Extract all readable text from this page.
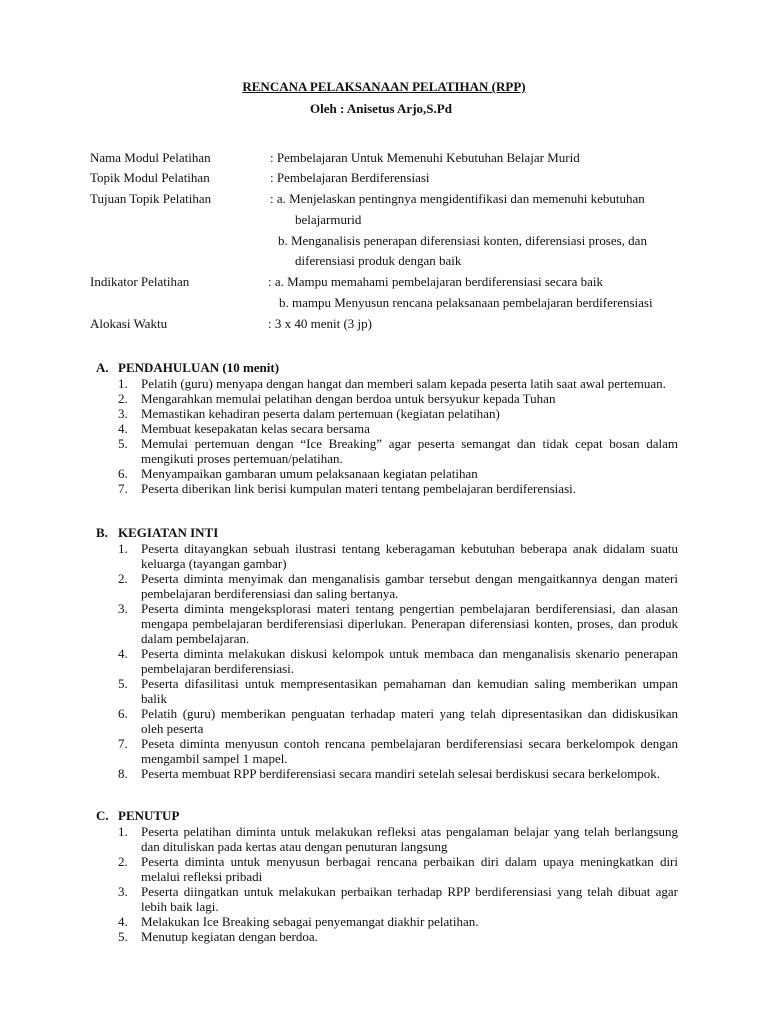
RENCANA PELAKSANAAN PELATIHAN (RPP)
Oleh : Anisetus Arjo,S.Pd
Nama Modul Pelatihan	: Pembelajaran Untuk Memenuhi Kebutuhan Belajar Murid
Topik Modul Pelatihan	: Pembelajaran Berdiferensiasi
Tujuan Topik Pelatihan	: a. Menjelaskan pentingnya mengidentifikasi dan memenuhi kebutuhan
belajarmurid
b. Menganalisis penerapan diferensiasi konten, diferensiasi proses, dan
diferensiasi produk dengan baik
Indikator Pelatihan	: a. Mampu memahami pembelajaran berdiferensiasi secara baik
b. mampu Menyusun rencana pelaksanaan pembelajaran berdiferensiasi
Alokasi Waktu	: 3 x 40 menit (3 jp)
A. PENDAHULUAN (10 menit)
1. Pelatih (guru) menyapa dengan hangat dan memberi salam kepada peserta latih saat awal pertemuan.
2. Mengarahkan memulai pelatihan dengan berdoa untuk bersyukur kepada Tuhan
3. Memastikan kehadiran peserta dalam pertemuan (kegiatan pelatihan)
4. Membuat kesepakatan kelas secara bersama
5. Memulai pertemuan dengan “Ice Breaking” agar peserta semangat dan tidak cepat bosan dalam mengikuti proses pertemuan/pelatihan.
6. Menyampaikan gambaran umum pelaksanaan kegiatan pelatihan
7. Peserta diberikan link berisi kumpulan materi tentang pembelajaran berdiferensiasi.
B. KEGIATAN INTI
1. Peserta ditayangkan sebuah ilustrasi tentang keberagaman kebutuhan beberapa anak didalam suatu keluarga (tayangan gambar)
2. Peserta diminta menyimak dan menganalisis gambar tersebut dengan mengaitkannya dengan materi pembelajaran berdiferensiasi dan saling bertanya.
3. Peserta diminta mengeksplorasi materi tentang pengertian pembelajaran berdiferensiasi, dan alasan mengapa pembelajaran berdiferensiasi diperlukan. Penerapan diferensiasi konten, proses, dan produk dalam pembelajaran.
4. Peserta diminta melakukan diskusi kelompok untuk membaca dan menganalisis skenario penerapan pembelajaran berdiferensiasi.
5. Peserta difasilitasi untuk mempresentasikan pemahaman dan kemudian saling memberikan umpan balik
6. Pelatih (guru) memberikan penguatan terhadap materi yang telah dipresentasikan dan didiskusikan oleh peserta
7. Peseta diminta menyusun contoh rencana pembelajaran berdiferensiasi secara berkelompok dengan mengambil sampel 1 mapel.
8. Peserta membuat RPP berdiferensiasi secara mandiri setelah selesai berdiskusi secara berkelompok.
C. PENUTUP
1. Peserta pelatihan diminta untuk melakukan refleksi atas pengalaman belajar yang telah berlangsung dan dituliskan pada kertas atau dengan penuturan langsung
2. Peserta diminta untuk menyusun berbagai rencana perbaikan diri dalam upaya meningkatkan diri melalui refleksi pribadi
3. Peserta diingatkan untuk melakukan perbaikan terhadap RPP berdiferensiasi yang telah dibuat agar lebih baik lagi.
4. Melakukan Ice Breaking sebagai penyemangat diakhir pelatihan.
5. Menutup kegiatan dengan berdoa.
